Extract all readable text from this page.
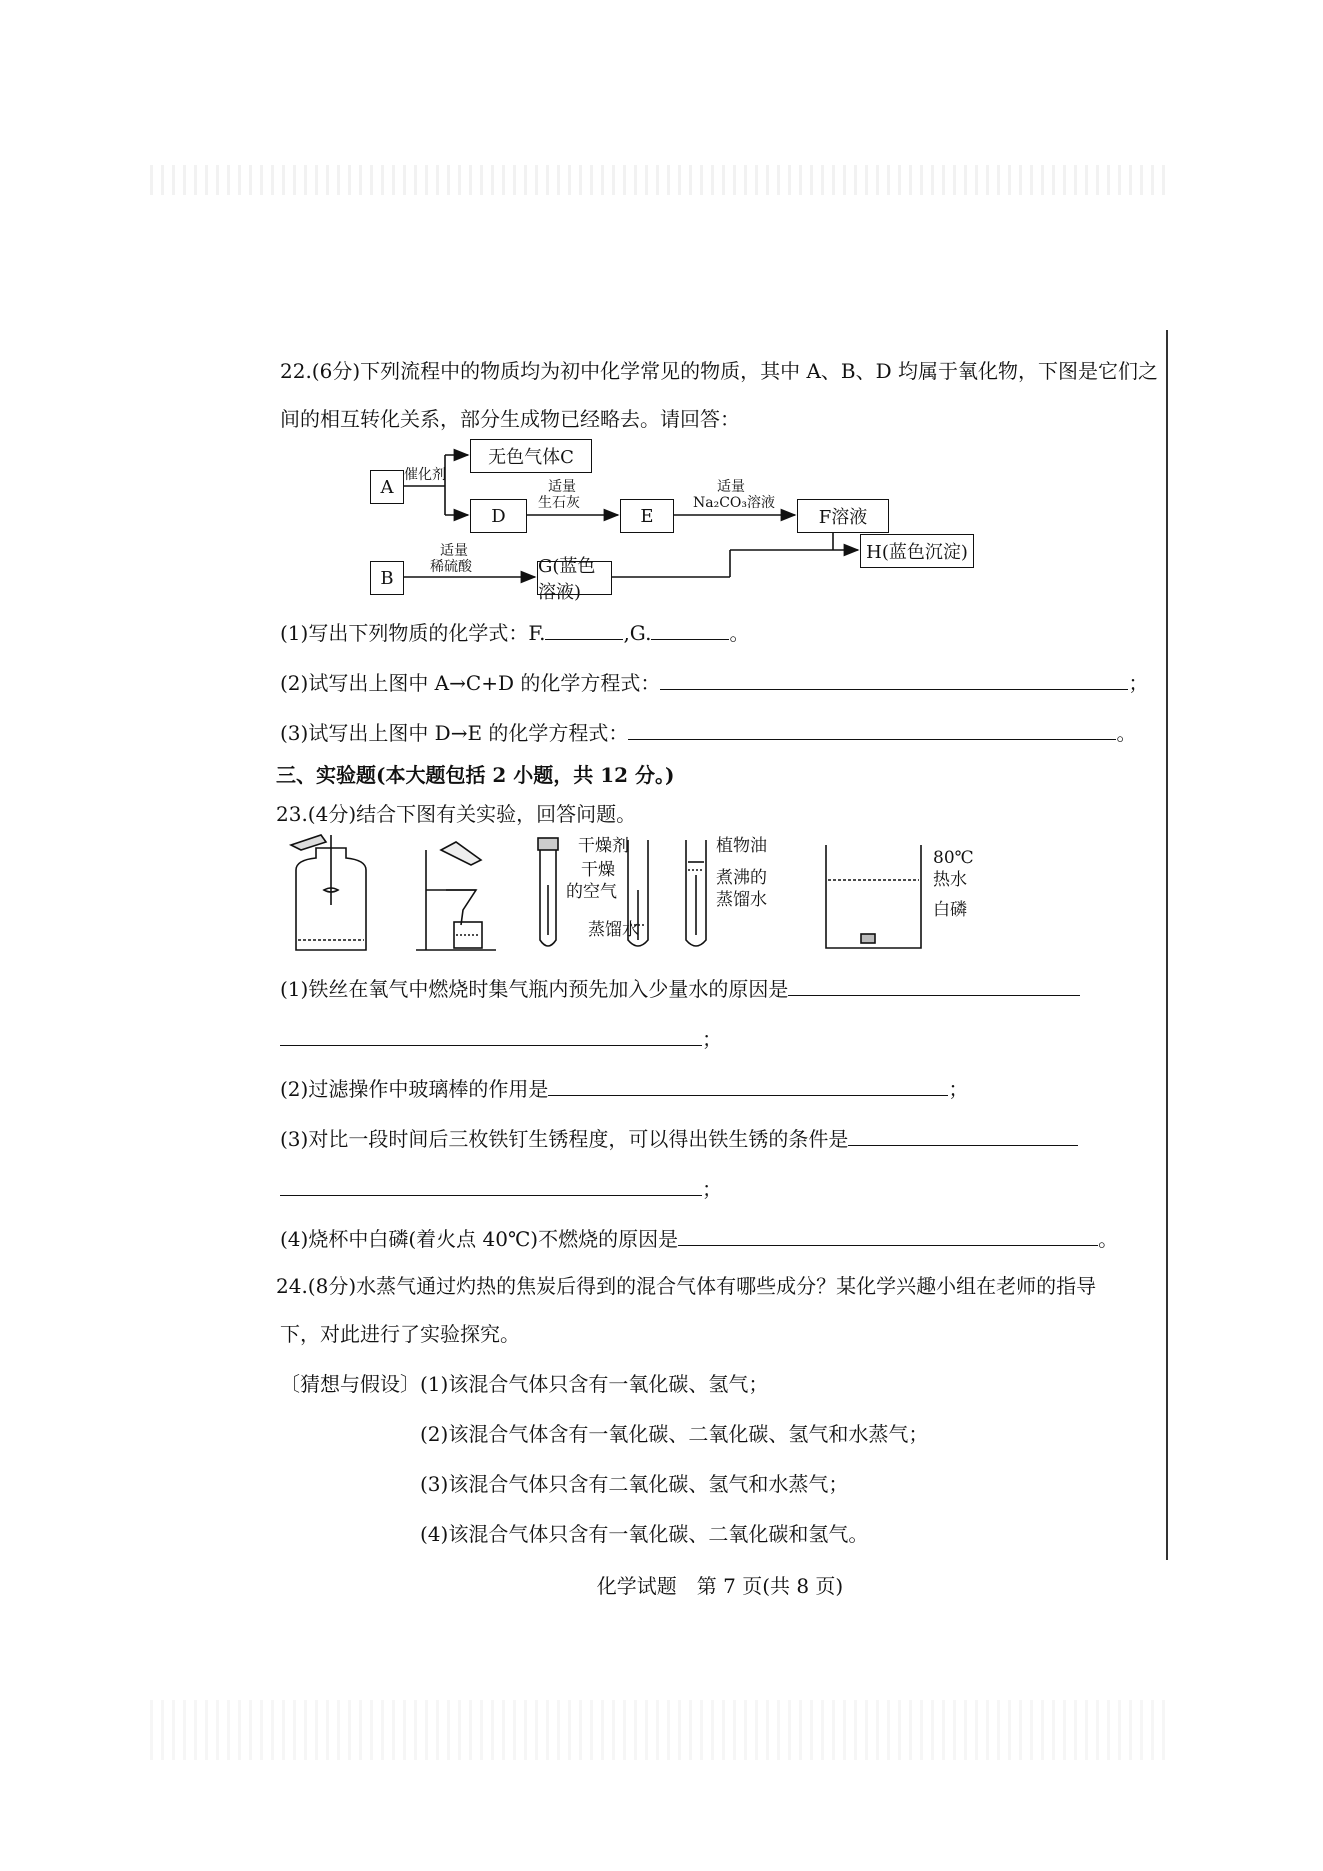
22.(6分)下列流程中的物质均为初中化学常见的物质，其中 A、B、D 均属于氧化物，下图是它们之
间的相互转化关系，部分生成物已经略去。请回答：
A
无色气体C
D	E	F溶液
B
G(蓝色溶液)
H(蓝色沉淀)
催化剂
适量
生石灰
适量
Na₂CO₃溶液
适量
稀硫酸
(1)写出下列物质的化学式：F.	,G.	。
(2)试写出上图中 A→C+D 的化学方程式：	；
(3)试写出上图中 D→E 的化学方程式：	。
三、实验题(本大题包括 2 小题，共 12 分。)
23.(4分)结合下图有关实验，回答问题。
干燥剂
干燥
的空气
蒸馏水
植物油
煮沸的
蒸馏水
80℃
热水
白磷
(1)铁丝在氧气中燃烧时集气瓶内预先加入少量水的原因是
；
(2)过滤操作中玻璃棒的作用是	；
(3)对比一段时间后三枚铁钉生锈程度，可以得出铁生锈的条件是
；
(4)烧杯中白磷(着火点 40℃)不燃烧的原因是	。
24.(8分)水蒸气通过灼热的焦炭后得到的混合气体有哪些成分？某化学兴趣小组在老师的指导
下，对此进行了实验探究。
〔猜想与假设〕(1)该混合气体只含有一氧化碳、氢气；
(2)该混合气体含有一氧化碳、二氧化碳、氢气和水蒸气；
(3)该混合气体只含有二氧化碳、氢气和水蒸气；
(4)该混合气体只含有一氧化碳、二氧化碳和氢气。
化学试题　第 7 页(共 8 页)
